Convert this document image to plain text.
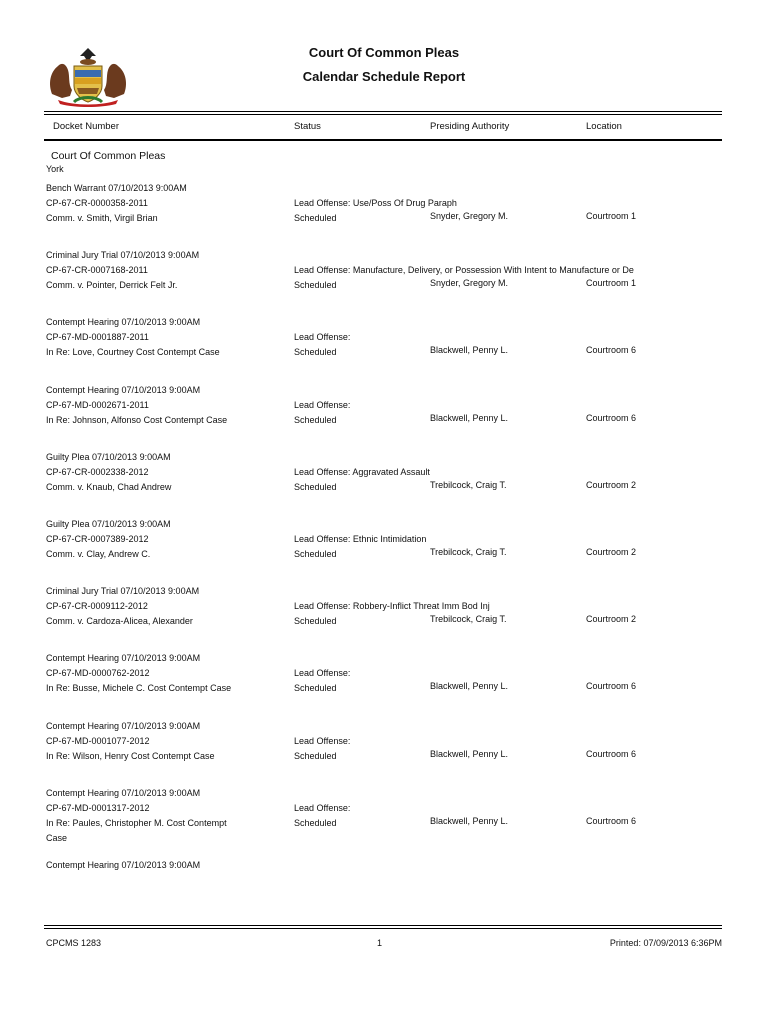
Court Of Common Pleas
Calendar Schedule Report
Docket Number	Status	Presiding Authority	Location
Court Of Common Pleas
York
Bench Warrant 07/10/2013 9:00AM
CP-67-CR-0000358-2011
Comm. v. Smith, Virgil Brian
Lead Offense: Use/Poss Of Drug Paraph
Scheduled	Snyder, Gregory M.	Courtroom 1
Criminal Jury Trial 07/10/2013 9:00AM
CP-67-CR-0007168-2011
Comm. v. Pointer, Derrick Felt Jr.
Lead Offense: Manufacture, Delivery, or Possession With Intent to Manufacture or De
Scheduled	Snyder, Gregory M.	Courtroom 1
Contempt Hearing 07/10/2013 9:00AM
CP-67-MD-0001887-2011
In Re: Love, Courtney Cost Contempt Case
Lead Offense:
Scheduled	Blackwell, Penny L.	Courtroom 6
Contempt Hearing 07/10/2013 9:00AM
CP-67-MD-0002671-2011
In Re: Johnson, Alfonso Cost Contempt Case
Lead Offense:
Scheduled	Blackwell, Penny L.	Courtroom 6
Guilty Plea 07/10/2013 9:00AM
CP-67-CR-0002338-2012
Comm. v. Knaub, Chad Andrew
Lead Offense: Aggravated Assault
Scheduled	Trebilcock, Craig T.	Courtroom 2
Guilty Plea 07/10/2013 9:00AM
CP-67-CR-0007389-2012
Comm. v. Clay, Andrew C.
Lead Offense: Ethnic Intimidation
Scheduled	Trebilcock, Craig T.	Courtroom 2
Criminal Jury Trial 07/10/2013 9:00AM
CP-67-CR-0009112-2012
Comm. v. Cardoza-Alicea, Alexander
Lead Offense: Robbery-Inflict Threat Imm Bod Inj
Scheduled	Trebilcock, Craig T.	Courtroom 2
Contempt Hearing 07/10/2013 9:00AM
CP-67-MD-0000762-2012
In Re: Busse, Michele C. Cost Contempt Case
Lead Offense:
Scheduled	Blackwell, Penny L.	Courtroom 6
Contempt Hearing 07/10/2013 9:00AM
CP-67-MD-0001077-2012
In Re: Wilson, Henry Cost Contempt Case
Lead Offense:
Scheduled	Blackwell, Penny L.	Courtroom 6
Contempt Hearing 07/10/2013 9:00AM
CP-67-MD-0001317-2012
In Re: Paules, Christopher M. Cost Contempt
Lead Offense:
Scheduled	Blackwell, Penny L.	Courtroom 6
Case
Contempt Hearing 07/10/2013 9:00AM
CPCMS 1283	1	Printed: 07/09/2013 6:36PM
